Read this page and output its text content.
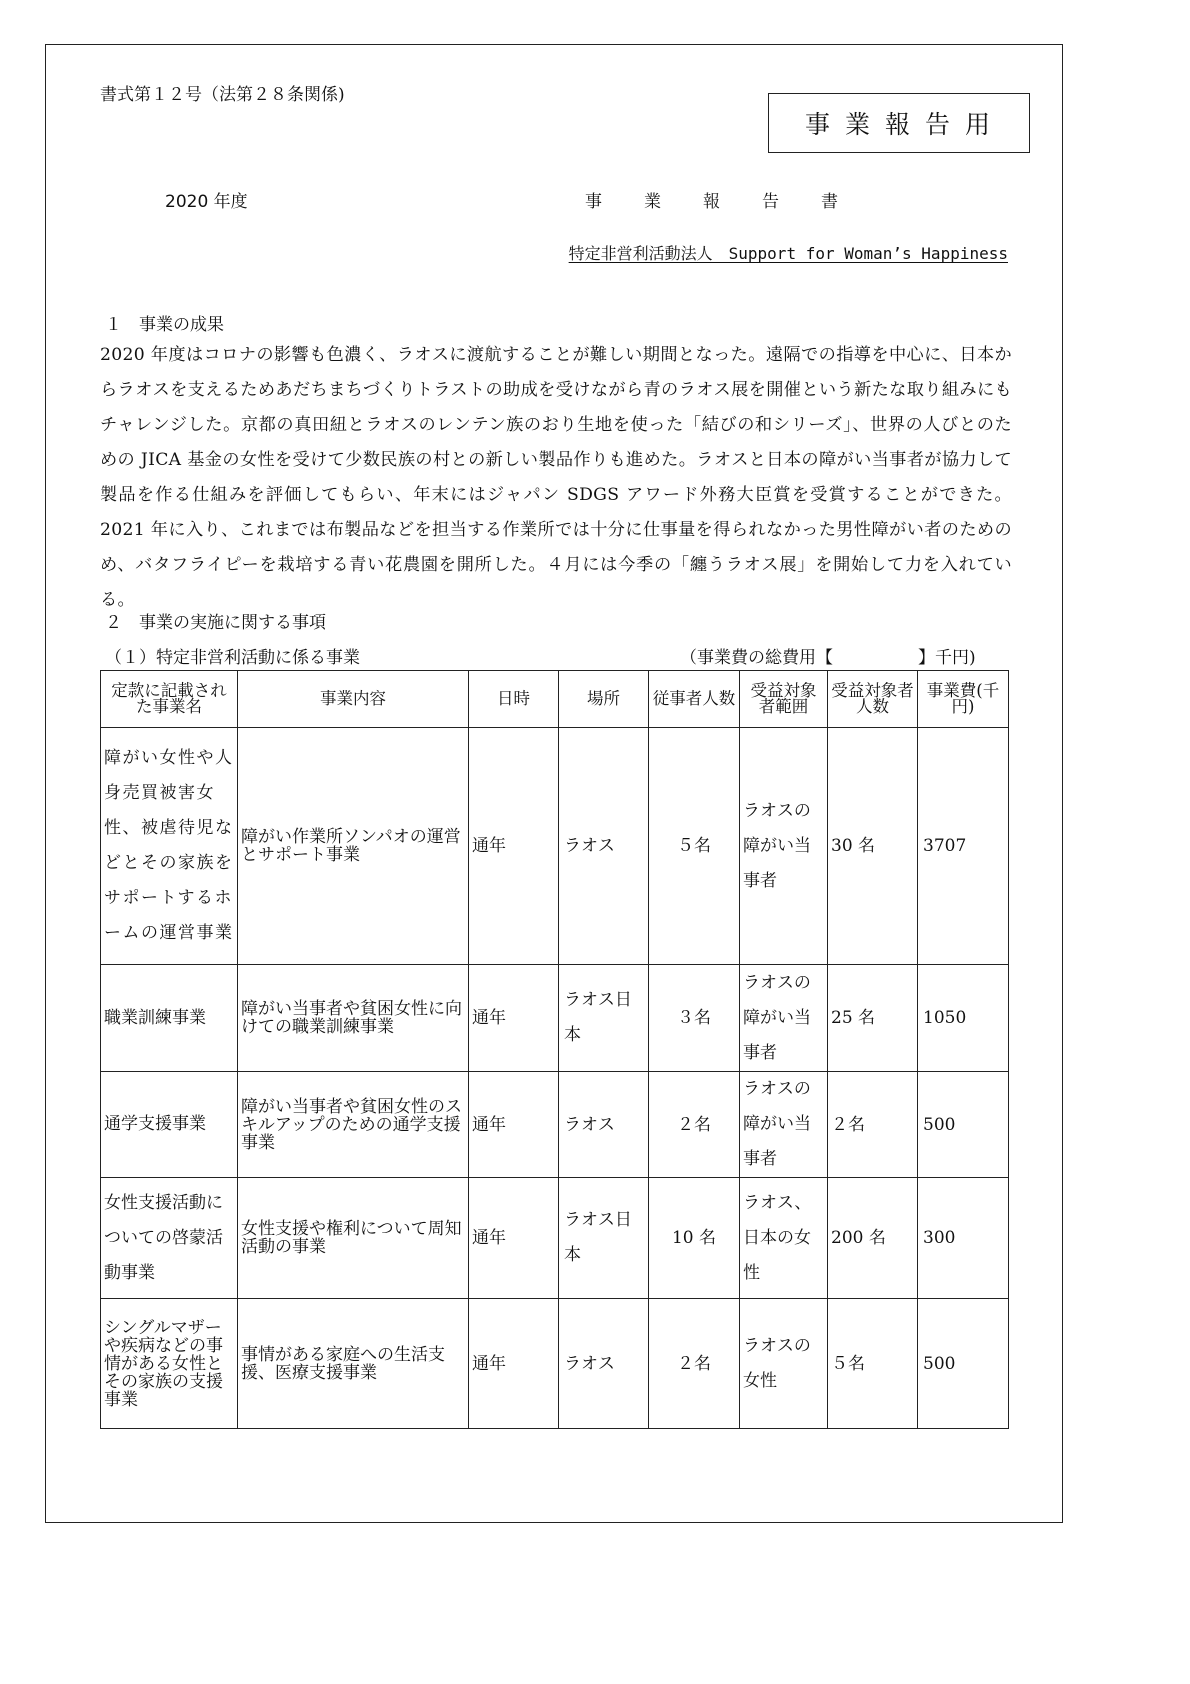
書式第１２号（法第２８条関係)
事業報告用
2020 年度	事業報告書
特定非営利活動法人　Support for Woman’s Happiness
１　事業の成果
2020 年度はコロナの影響も色濃く、ラオスに渡航することが難しい期間となった。遠隔での指導を中心に、日本からラオスを支えるためあだちまちづくりトラストの助成を受けながら青のラオス展を開催という新たな取り組みにもチャレンジした。京都の真田紐とラオスのレンテン族のおり生地を使った「結びの和シリーズ」、世界の人びとのための JICA 基金の女性を受けて少数民族の村との新しい製品作りも進めた。ラオスと日本の障がい当事者が協力して製品を作る仕組みを評価してもらい、年末にはジャパン SDGS アワード外務大臣賞を受賞することができた。2021 年に入り、これまでは布製品などを担当する作業所では十分に仕事量を得られなかった男性障がい者のためのめ、バタフライピーを栽培する青い花農園を開所した。４月には今季の「纏うラオス展」を開始して力を入れている。
２　事業の実施に関する事項
（１）特定非営利活動に係る事業	（事業費の総費用【　　　　　】千円)
定款に記載された事業名	事業内容	日時	場所	従事者人数	受益対象者範囲	受益対象者人数	事業費(千円)
障がい女性や人身売買被害女性、被虐待児などとその家族をサポートするホームの運営事業	障がい作業所ソンパオの運営とサポート事業	通年	ラオス	５名	ラオスの障がい当事者	30 名	3707
職業訓練事業	障がい当事者や貧困女性に向けての職業訓練事業	通年	ラオス日本	３名	ラオスの障がい当事者	25 名	1050
通学支援事業	障がい当事者や貧困女性のスキルアップのための通学支援事業	通年	ラオス	２名	ラオスの障がい当事者	２名	500
女性支援活動についての啓蒙活動事業	女性支援や権利について周知活動の事業	通年	ラオス日本	10 名	ラオス、日本の女性	200 名	300
シングルマザーや疾病などの事情がある女性とその家族の支援事業	事情がある家庭への生活支援、医療支援事業	通年	ラオス	２名	ラオスの女性	５名	500
